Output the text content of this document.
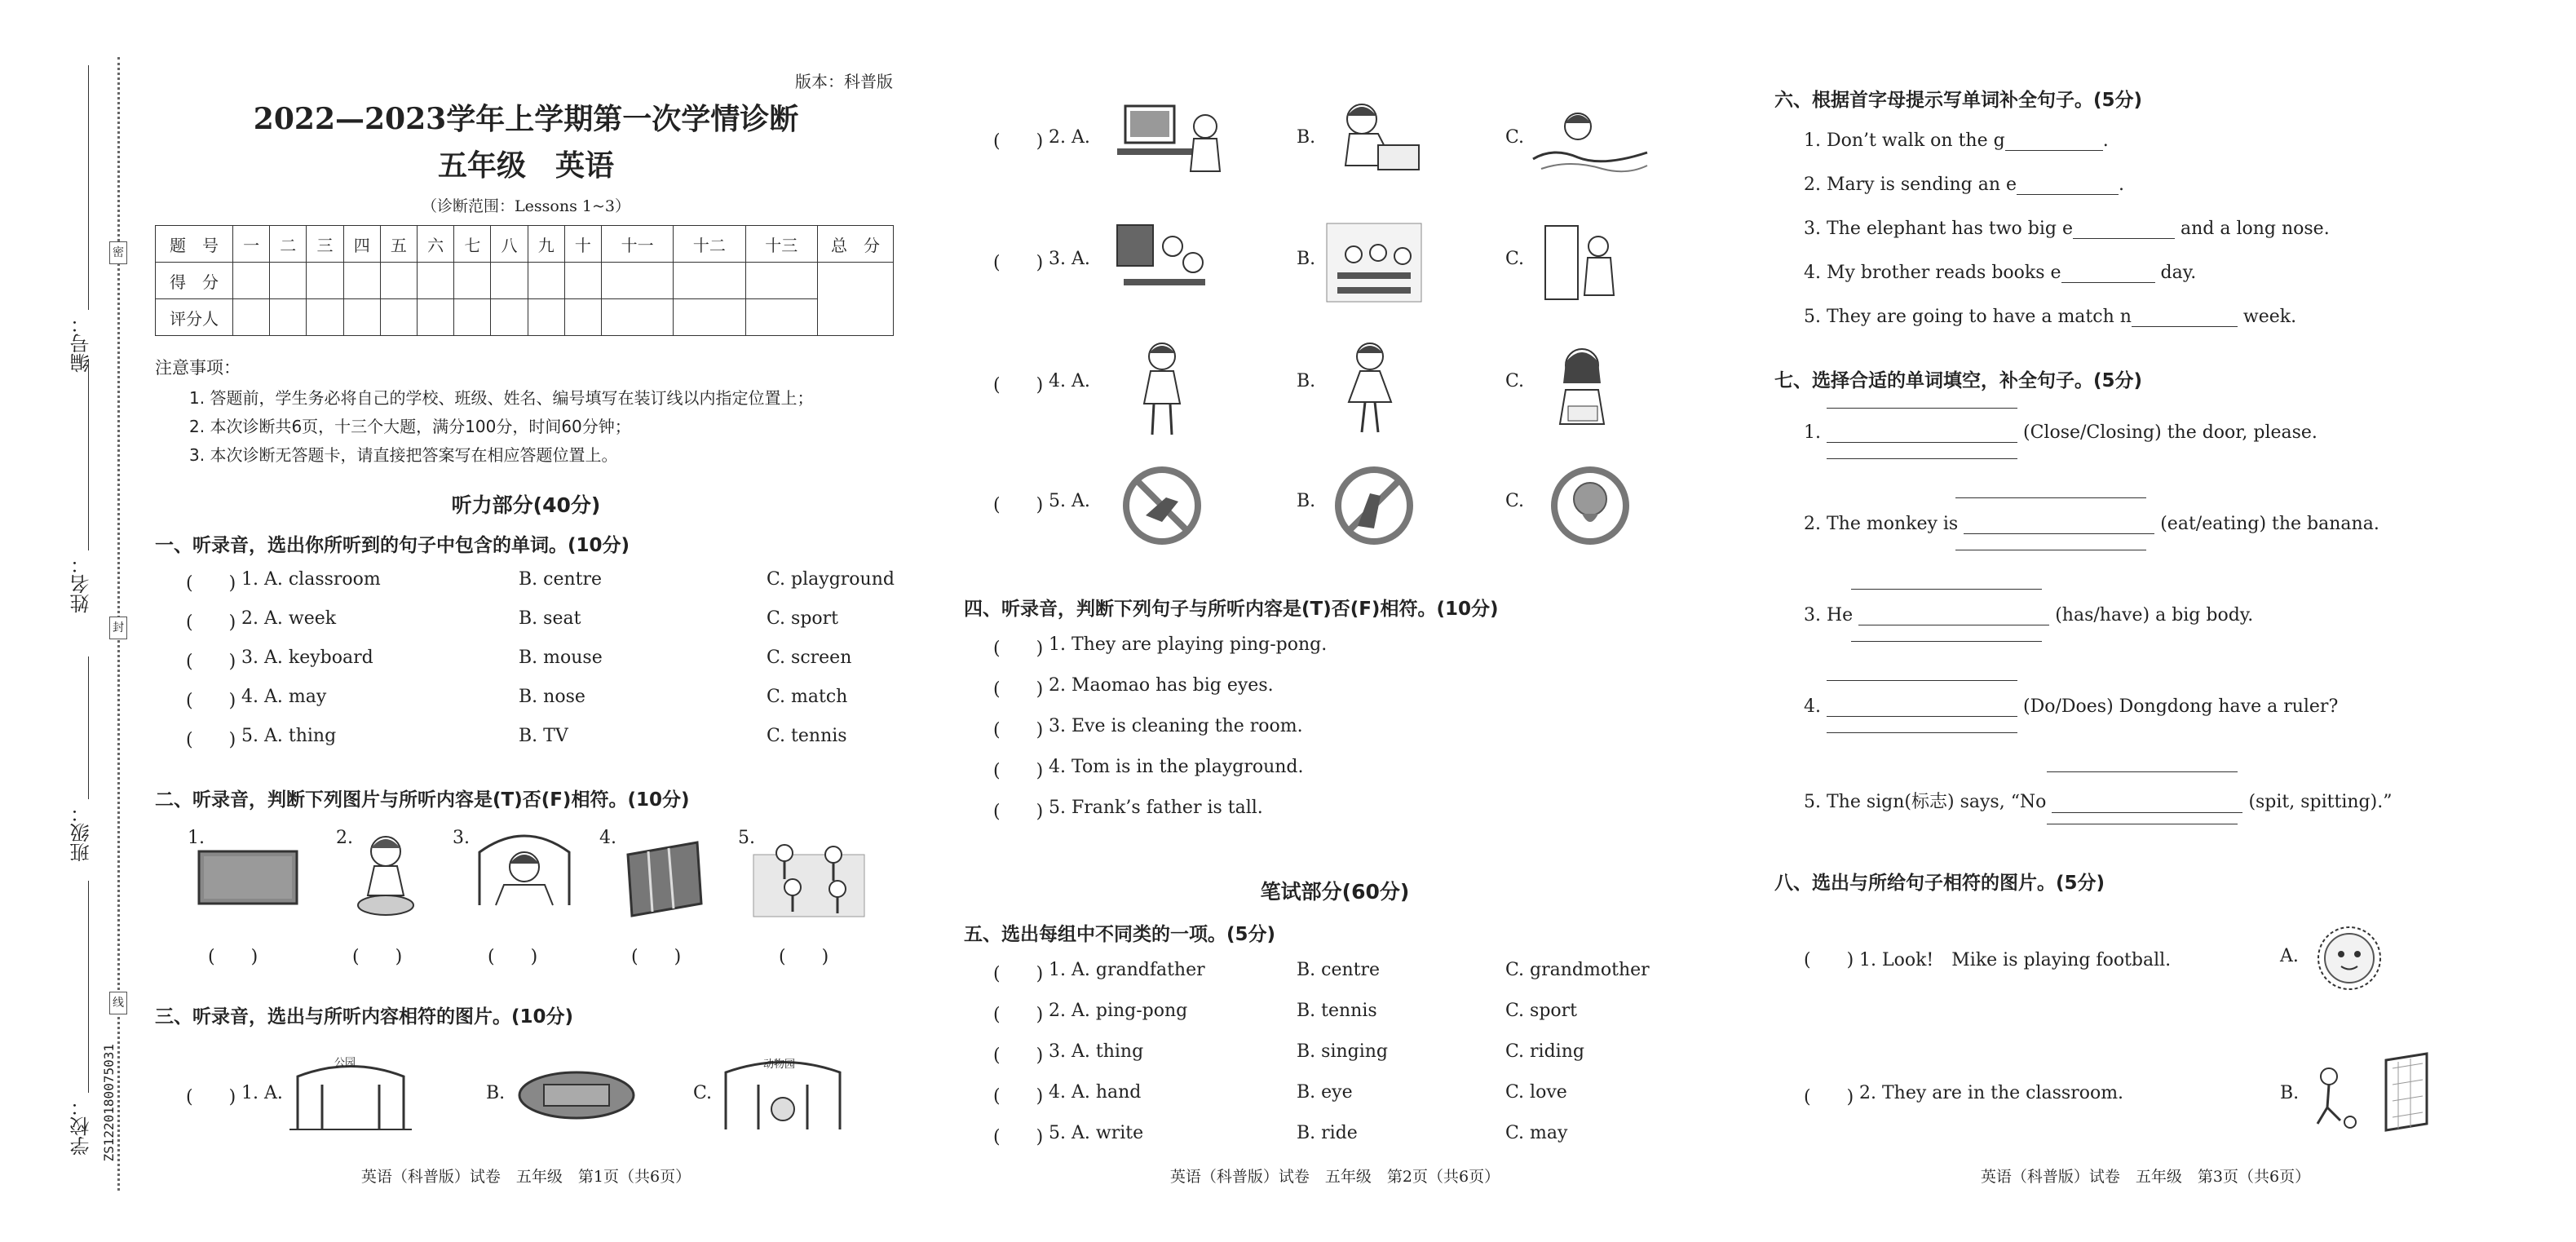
密
封
线
编号：
姓名：
班级：
学校： ZS1220180075031
版本：科普版
2022—2023学年上学期第一次学情诊断
五年级　英语
（诊断范围：Lessons 1~3）
题　号	一	二	三	四	五	六	七	八	九	十	十一	十二	十三	总　分
得　分														
评分人														
注意事项：
1. 答题前，学生务必将自己的学校、班级、姓名、编号填写在装订线以内指定位置上；
2. 本次诊断共6页，十三个大题，满分100分，时间60分钟；
3. 本次诊断无答题卡，请直接把答案写在相应答题位置上。
听力部分(40分)
一、听录音，选出你所听到的句子中包含的单词。(10分)
(　　) 1. A. classroom	B. centre	C. playground
(　　) 2. A. week	B. seat	C. sport
(　　) 3. A. keyboard	B. mouse	C. screen
(　　) 4. A. may	B. nose	C. match
(　　) 5. A. thing	B. TV	C. tennis
二、听录音，判断下列图片与所听内容是(T)否(F)相符。(10分)
1.	2.	3.	4.	5.
(　　)	(　　)	(　　)	(　　)	(　　)
三、听录音，选出与所听内容相符的图片。(10分)
(　　) 1. A.
公园
B.	C.
动物园
英语（科普版）试卷　五年级　第1页（共6页）
(　　) 2. A.	B.	C.
(　　) 3. A.	B.	C.
(　　) 4. A.	B.	C.
(　　) 5. A.	B.	C.
四、听录音，判断下列句子与所听内容是(T)否(F)相符。(10分)
(　　) 1. They are playing ping-pong.
(　　) 2. Maomao has big eyes.
(　　) 3. Eve is cleaning the room.
(　　) 4. Tom is in the playground.
(　　) 5. Frank’s father is tall.
笔试部分(60分)
五、选出每组中不同类的一项。(5分)
(　　) 1. A. grandfather	B. centre	C. grandmother
(　　) 2. A. ping-pong	B. tennis	C. sport
(　　) 3. A. thing	B. singing	C. riding
(　　) 4. A. hand	B. eye	C. love
(　　) 5. A. write	B. ride	C. may
英语（科普版）试卷　五年级　第2页（共6页）
六、根据首字母提示写单词补全句子。(5分)
1. Don’t walk on the g	.
2. Mary is sending an e	.
3. The elephant has two big e	and a long nose.
4. My brother reads books e	day.
5. They are going to have a match n	week.
七、选择合适的单词填空，补全句子。(5分)
1.	(Close/Closing) the door, please.
2. The monkey is	(eat/eating) the banana.
3. He	(has/have) a big body.
4.	(Do/Does) Dongdong have a ruler?
5. The sign(标志) says, “No	(spit, spitting).”
八、选出与所给句子相符的图片。(5分)
(　　) 1. Look!　Mike is playing football.	A.
(　　) 2. They are in the classroom.	B.
英语（科普版）试卷　五年级　第3页（共6页）
